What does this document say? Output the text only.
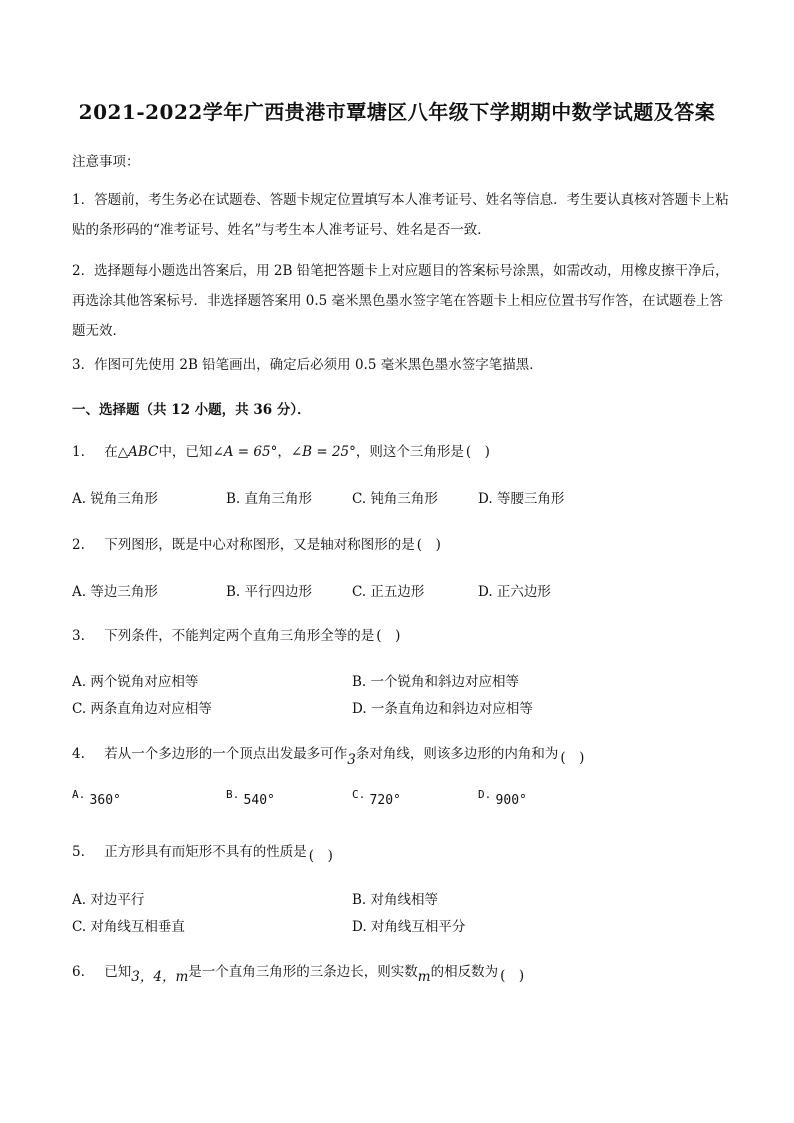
2021-2022学年广西贵港市覃塘区八年级下学期期中数学试题及答案
注意事项：
1．答题前，考生务必在试题卷、答题卡规定位置填写本人准考证号、姓名等信息．考生要认真核对答题卡上粘贴的条形码的“准考证号、姓名”与考生本人准考证号、姓名是否一致．
2．选择题每小题选出答案后，用 2B 铅笔把答题卡上对应题目的答案标号涂黑，如需改动，用橡皮擦干净后，再选涂其他答案标号．非选择题答案用 0.5 毫米黑色墨水签字笔在答题卡上相应位置书写作答，在试题卷上答题无效．
3．作图可先使用 2B 铅笔画出，确定后必须用 0.5 毫米黑色墨水签字笔描黑．
一、选择题（共 12 小题，共 36 分）．
1. 在△ABC中，已知∠A = 65°，∠B = 25°，则这个三角形是 (　)
A. 锐角三角形	B. 直角三角形	C. 钝角三角形	D. 等腰三角形
2. 下列图形，既是中心对称图形，又是轴对称图形的是 (　)
A. 等边三角形	B. 平行四边形	C. 正五边形	D. 正六边形
3. 下列条件，不能判定两个直角三角形全等的是 (　)
A. 两个锐角对应相等	B. 一个锐角和斜边对应相等
C. 两条直角边对应相等	D. 一条直角边和斜边对应相等
4. 若从一个多边形的一个顶点出发最多可作3条对角线，则该多边形的内角和为 (　)
$^{A.}$ 360°	$^{B.}$ 540°	$^{C.}$ 720°	$^{D.}$ 900°
5. 正方形具有而矩形不具有的性质是 (　)
A. 对边平行	B. 对角线相等
C. 对角线互相垂直	D. 对角线互相平分
6. 已知3，4，m是一个直角三角形的三条边长，则实数m的相反数为 (　)
